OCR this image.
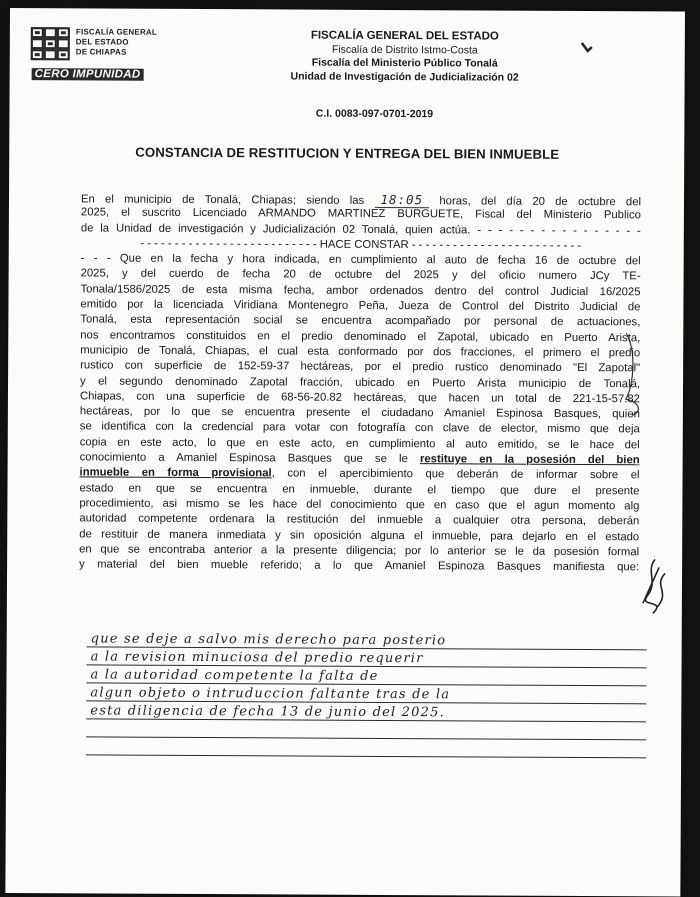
FISCALÍA GENERAL
DEL ESTADO
DE CHIAPAS
CERO IMPUNIDAD
FISCALÍA GENERAL DEL ESTADO
Fiscalía de Distrito Istmo-Costa
Fiscalía del Ministerio Público Tonalá
Unidad de Investigación de Judicialización 02
C.I. 0083-097-0701-2019
CONSTANCIA DE RESTITUCION Y ENTREGA DEL BIEN INMUEBLE
En el municipio de Tonalá, Chiapas; siendo las 18:05 horas, del día 20 de octubre del
2025, el suscrito Licenciado ARMANDO MARTINEZ BURGUETE, Fiscal del Ministerio Publico
de la Unidad de investigación y Judicialización 02 Tonalá, quien actúa. - - - - - - - - - - - - - - - -
- - - - - - - - - - - - - - - - - - - - - - - - - - HACE CONSTAR - - - - - - - - - - - - - - - - - - - - - - - - -
- - - Que en la fecha y hora indicada, en cumplimiento al auto de fecha 16 de octubre del
2025, y del cuerdo de fecha 20 de octubre del 2025 y del oficio numero JCy TE-
Tonala/1586/2025 de esta misma fecha, ambor ordenados dentro del control Judicial 16/2025
emitido por la licenciada Viridiana Montenegro Peña, Jueza de Control del Distrito Judicial de
Tonalá, esta representación social se encuentra acompañado por personal de actuaciones,
nos encontramos constituidos en el predio denominado el Zapotal, ubicado en Puerto Arista,
municipio de Tonalá, Chiapas, el cual esta conformado por dos fracciones, el primero el predio
rustico con superficie de 152-59-37 hectáreas, por el predio rustico denominado "El Zapotal"
y el segundo denominado Zapotal fracción, ubicado en Puerto Arista municipio de Tonalá,
Chiapas, con una superficie de 68-56-20.82 hectáreas, que hacen un total de 221-15-57.82
hectáreas, por lo que se encuentra presente el ciudadano Amaniel Espinosa Basques, quien
se identifica con la credencial para votar con fotografía con clave de elector, mismo que deja
copia en este acto, lo que en este acto, en cumplimiento al auto emitido, se le hace del
conocimiento a Amaniel Espinosa Basques que se le restituye en la posesión del bien
inmueble en forma provisional, con el apercibimiento que deberán de informar sobre el
estado en que se encuentra en inmueble, durante el tiempo que dure el presente
procedimiento, asi mismo se les hace del conocimiento que en caso que el agun momento alg
autoridad competente ordenara la restitución del inmueble a cualquier otra persona, deberán
de restituir de manera inmediata y sin oposición alguna el inmueble, para dejarlo en el estado
en que se encontraba anterior a la presente diligencia; por lo anterior se le da posesión formal
y material del bien mueble referido; a lo que Amaniel Espinoza Basques manifiesta que:
que se deje a salvo mis derecho para posterio
a la revision minuciosa del predio requerir
a la autoridad competente la falta de
algun objeto o intruduccion faltante tras de la
esta diligencia de fecha 13 de junio del 2025.
